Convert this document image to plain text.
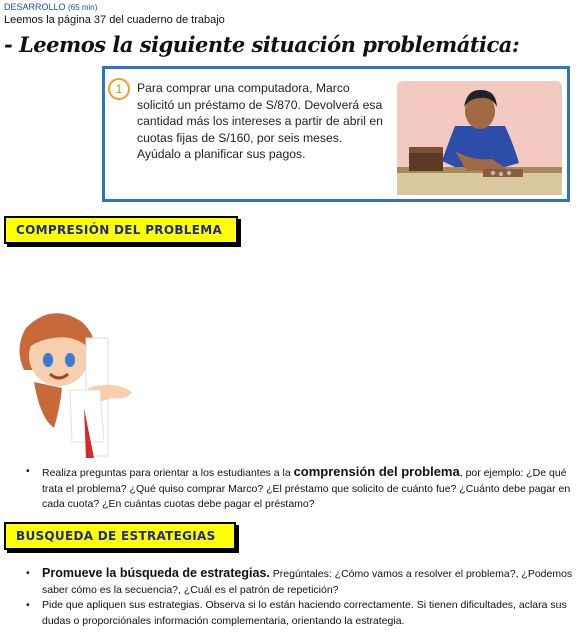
DESARROLLO (65 min)
Leemos la página 37 del cuaderno de trabajo
- Leemos la siguiente situación problemática:
1	Para comprar una computadora, Marco solicitó un préstamo de S/870. Devolverá esa cantidad más los intereses a partir de abril en cuotas fijas de S/160, por seis meses. Ayúdalo a planificar sus pagos.
COMPRESIÓN DEL PROBLEMA
• Realiza preguntas para orientar a los estudiantes a la comprensión del problema, por ejemplo: ¿De qué trata el problema? ¿Qué quiso comprar Marco? ¿El préstamo que solicito de cuánto fue? ¿Cuánto debe pagar en cada cuota? ¿En cuántas cuotas debe pagar el préstamo?
BUSQUEDA DE ESTRATEGIAS
• Promueve la búsqueda de estrategias. Pregúntales: ¿Cómo vamos a resolver el problema?, ¿Podemos saber cómo es la secuencia?, ¿Cuál es el patrón de repetición?
• Pide que apliquen sus estrategias. Observa si lo están haciendo correctamente. Si tienen dificultades, aclara sus dudas o proporciónales información complementaria, orientando la estrategia.
